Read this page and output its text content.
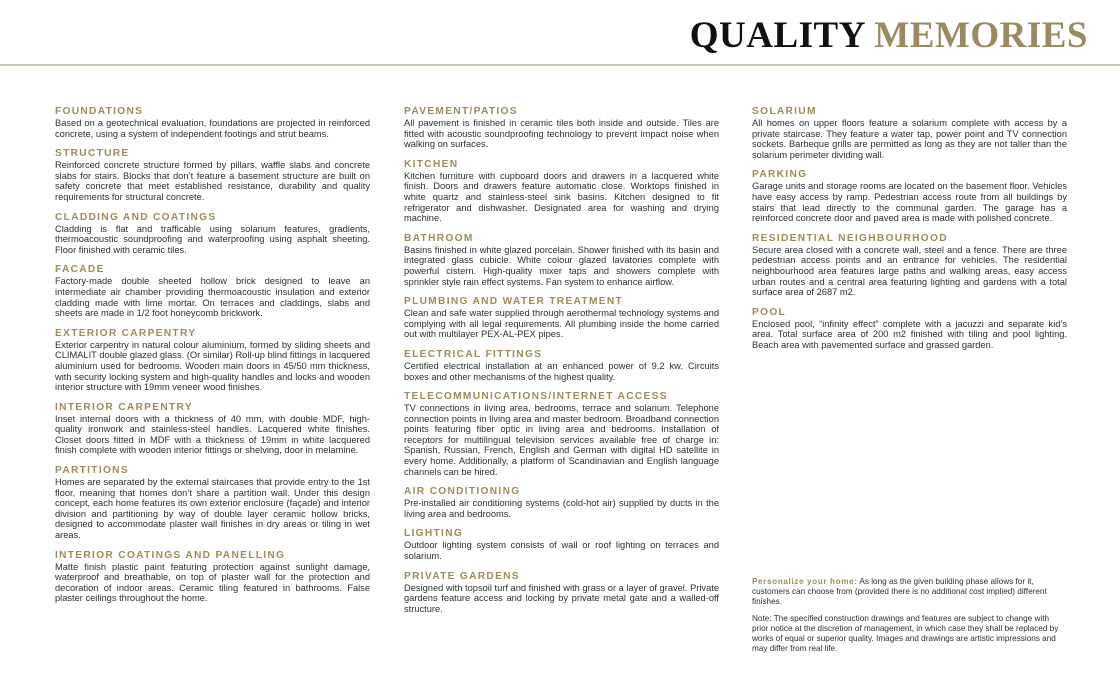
QUALITY MEMORIES
FOUNDATIONS

Based on a geotechnical evaluation, foundations are projected in reinforced concrete, using a system of independent footings and strut beams.

STRUCTURE

Reinforced concrete structure formed by pillars, waffle slabs and concrete slabs for stairs. Blocks that don’t feature a basement structure are built on safety concrete that meet established resistance, durability and quality requirements for structural concrete.

CLADDING AND COATINGS

Cladding is flat and trafficable using solarium features, gradients, thermoacoustic soundproofing and waterproofing using asphalt sheeting. Floor finished with ceramic tiles.

FACADE

Factory-made double sheeted hollow brick designed to leave an intermediate air chamber providing thermoacoustic insulation and exterior cladding made with lime mortar. On terraces and claddings, slabs and sheets are made in 1/2 foot honeycomb brickwork.

EXTERIOR CARPENTRY

Exterior carpentry in natural colour aluminium, formed by sliding sheets and CLIMALIT double glazed glass. (Or similar) Roll-up blind fittings in lacquered aluminium used for bedrooms. Wooden main doors in 45/50 mm thickness, with security locking system and high-quality handles and locks and wooden interior structure with 19mm veneer wood finishes.

INTERIOR CARPENTRY

Inset internal doors with a thickness of 40 mm, with double MDF, high- quality ironwork and stainless-steel handles. Lacquered white finishes. Closet doors fitted in MDF with a thickness of 19mm in white lacquered finish complete with wooden interior fittings or shelving, door in melamine.

PARTITIONS

Homes are separated by the external staircases that provide entry to the 1st floor, meaning that homes don’t share a partition wall. Under this design concept, each home features its own exterior enclosure (façade) and interior division and partitioning by way of double layer ceramic hollow bricks, designed to accommodate plaster wall finishes in dry areas or tiling in wet areas.

INTERIOR COATINGS AND PANELLING

Matte finish plastic paint featuring protection against sunlight damage, waterproof and breathable, on top of plaster wall for the protection and decoration of indoor areas. Ceramic tiling featured in bathrooms. False plaster ceilings throughout the home.

PAVEMENT/PATIOS

All pavement is finished in ceramic tiles both inside and outside. Tiles are fitted with acoustic soundproofing technology to prevent impact noise when walking on surfaces.

KITCHEN

Kitchen furniture with cupboard doors and drawers in a lacquered white finish. Doors and drawers feature automatic close. Worktops finished in white quartz and stainless-steel sink basins. Kitchen designed to fit refrigerator and dishwasher. Designated area for washing and drying machine.

BATHROOM

Basins finished in white glazed porcelain. Shower finished with its basin and integrated glass cubicle. White colour glazed lavatories complete with powerful cistern. High-quality mixer taps and showers complete with sprinkler style rain effect systems. Fan system to enhance airflow.

PLUMBING AND WATER TREATMENT

Clean and safe water supplied through aerothermal technology systems and complying with all legal requirements. All plumbing inside the home carried out with multilayer PEX-AL-PEX pipes.

ELECTRICAL FITTINGS

Certified electrical installation at an enhanced power of 9.2 kw. Circuits boxes and other mechanisms of the highest quality.

TELECOMMUNICATIONS/INTERNET ACCESS

TV connections in living area, bedrooms, terrace and solarium. Telephone connection points in living area and master bedroom. Broadband connection points featuring fiber optic in living area and bedrooms. Installation of receptors for multilingual television services available free of charge in: Spanish, Russian, French, English and German with digital HD satellite in every home. Additionally, a platform of Scandinavian and English language channels can be hired.

AIR CONDITIONING

Pre-installed air conditioning systems (cold-hot air) supplied by ducts in the living area and bedrooms.

LIGHTING

Outdoor lighting system consists of wall or roof lighting on terraces and solarium.

PRIVATE GARDENS

Designed with topsoil turf and finished with grass or a layer of gravel. Private gardens feature access and locking by private metal gate and a walled-off structure.

SOLARIUM

All homes on upper floors feature a solarium complete with access by a private staircase. They feature a water tap, power point and TV connection sockets. Barbeque grills are permitted as long as they are not taller than the solarium perimeter dividing wall.

PARKING

Garage units and storage rooms are located on the basement floor. Vehicles have easy access by ramp. Pedestrian access route from all buildings by stairs that lead directly to the communal garden. The garage has a reinforced concrete door and paved area is made with polished concrete.

RESIDENTIAL NEIGHBOURHOOD

Secure area closed with a concrete wall, steel and a fence. There are three pedestrian access points and an entrance for vehicles. The residential neighbourhood area features large paths and walking areas, easy access urban routes and a central area featuring lighting and gardens with a total surface area of 2687 m2.

POOL

Enclosed pool, “infinity effect” complete with a jacuzzi and separate kid’s area. Total surface area of 200 m2 finished with tiling and pool lighting. Beach area with pavemented surface and grassed garden.

Personalize your home: As long as the given building phase allows for it, customers can choose from (provided there is no additional cost implied) different finishes.
Note: The specified construction drawings and features are subject to change with prior notice at the discretion of management, in which case they shall be replaced by works of equal or superior quality. Images and drawings are artistic impressions and may differ from real life.
